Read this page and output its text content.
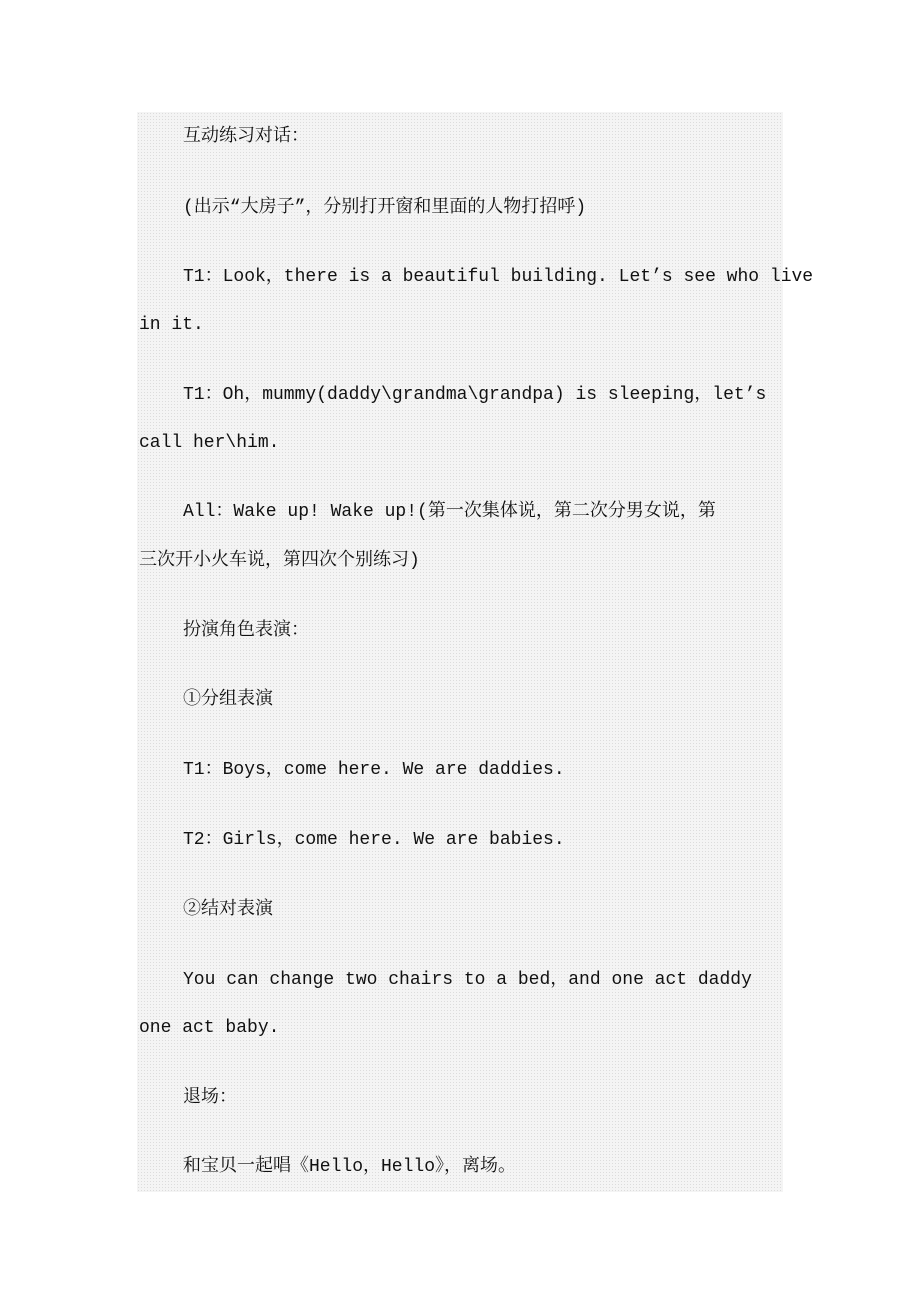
互动练习对话：
(出示“大房子”，分别打开窗和里面的人物打招呼)
T1：Look，there is a beautiful building. Let’s see who live
in it.
T1：Oh，mummy(daddy\grandma\grandpa) is sleeping，let’s
call her\him.
All：Wake up! Wake up!(第一次集体说，第二次分男女说，第
三次开小火车说，第四次个别练习)
扮演角色表演：
①分组表演
T1：Boys，come here. We are daddies.
T2：Girls，come here. We are babies.
②结对表演
You can change two chairs to a bed，and one act daddy
one act baby.
退场：
和宝贝一起唱《Hello，Hello》，离场。
